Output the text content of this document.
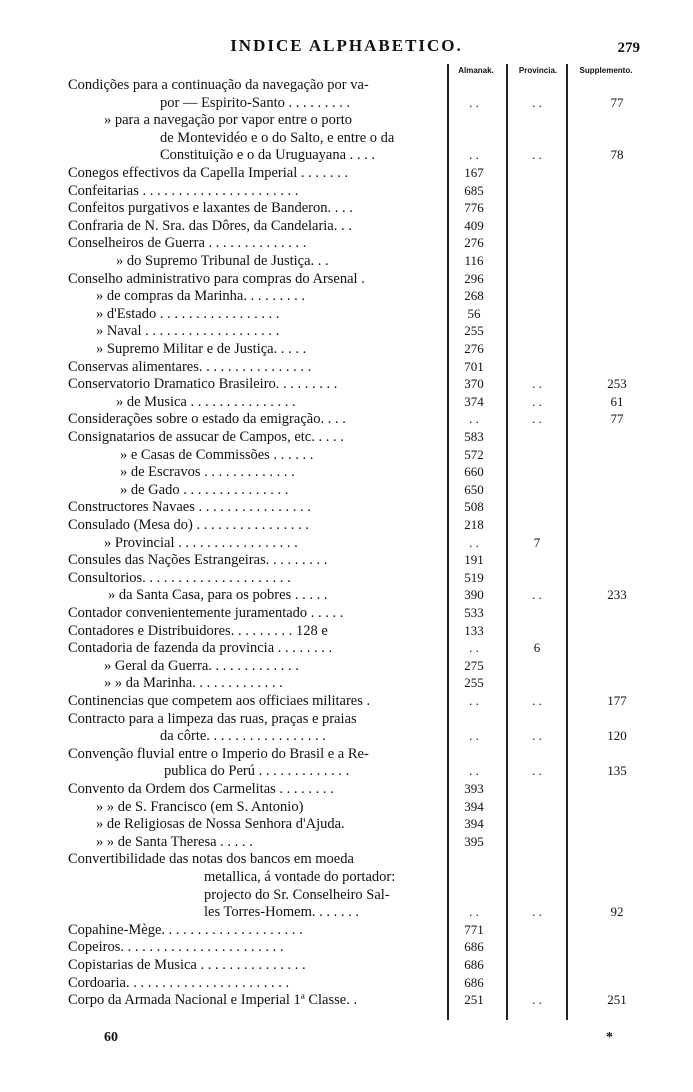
INDICE ALPHABETICO.	279
Almanak.	Provincia.	Supplemento.
Condições para a continuação da navegação por va-
por — Espirito-Santo . . . . . . . . .	. .	. .	77
» para a navegação por vapor entre o porto
de Montevidéo e o do Salto, e entre o da
Constituição e o da Uruguayana . . . .	. .	. .	78
Conegos effectivos da Capella Imperial . . . . . . .	167
Confeitarias . . . . . . . . . . . . . . . . . . . . . .	685
Confeitos purgativos e laxantes de Banderon. . . .	776
Confraria de N. Sra. das Dôres, da Candelaria. . .	409
Conselheiros de Guerra . . . . . . . . . . . . . .	276
» do Supremo Tribunal de Justiça. . .	116
Conselho administrativo para compras do Arsenal .	296
» de compras da Marinha. . . . . . . . .	268
» d'Estado . . . . . . . . . . . . . . . . .	56
» Naval . . . . . . . . . . . . . . . . . . .	255
» Supremo Militar e de Justiça. . . . .	276
Conservas alimentares. . . . . . . . . . . . . . . .	701
Conservatorio Dramatico Brasileiro. . . . . . . . .	370	. .	253
» de Musica . . . . . . . . . . . . . . .	374	. .	61
Considerações sobre o estado da emigração. . . .	. .	. .	77
Consignatarios de assucar de Campos, etc. . . . .	583
» e Casas de Commissões . . . . . .	572
» de Escravos . . . . . . . . . . . . .	660
» de Gado . . . . . . . . . . . . . . .	650
Constructores Navaes . . . . . . . . . . . . . . . .	508
Consulado (Mesa do) . . . . . . . . . . . . . . . .	218
» Provincial . . . . . . . . . . . . . . . . .	. .	7
Consules das Nações Estrangeiras. . . . . . . . .	191
Consultorios. . . . . . . . . . . . . . . . . . . . .	519
» da Santa Casa, para os pobres . . . . .	390	. .	233
Contador convenientemente juramentado . . . . .	533
Contadores e Distribuidores. . . . . . . . . 128 e	133
Contadoria de fazenda da provincia . . . . . . . .	. .	6
» Geral da Guerra. . . . . . . . . . . . .	275
» » da Marinha. . . . . . . . . . . . .	255
Continencias que competem aos officiaes militares .	. .	. .	177
Contracto para a limpeza das ruas, praças e praias
da côrte. . . . . . . . . . . . . . . . .	. .	. .	120
Convenção fluvial entre o Imperio do Brasil e a Re-
publica do Perú . . . . . . . . . . . . .	. .	. .	135
Convento da Ordem dos Carmelitas . . . . . . . .	393
» » de S. Francisco (em S. Antonio)	394
» de Religiosas de Nossa Senhora d'Ajuda.	394
» » de Santa Theresa . . . . .	395
Convertibilidade das notas dos bancos em moeda
metallica, á vontade do portador:
projecto do Sr. Conselheiro Sal-
les Torres-Homem. . . . . . .	. .	. .	92
Copahine-Mège. . . . . . . . . . . . . . . . . . . .	771
Copeiros. . . . . . . . . . . . . . . . . . . . . . .	686
Copistarias de Musica . . . . . . . . . . . . . . .	686
Cordoaria. . . . . . . . . . . . . . . . . . . . . . .	686
Corpo da Armada Nacional e Imperial 1ª Classe. .	251	. .	251
60	*
